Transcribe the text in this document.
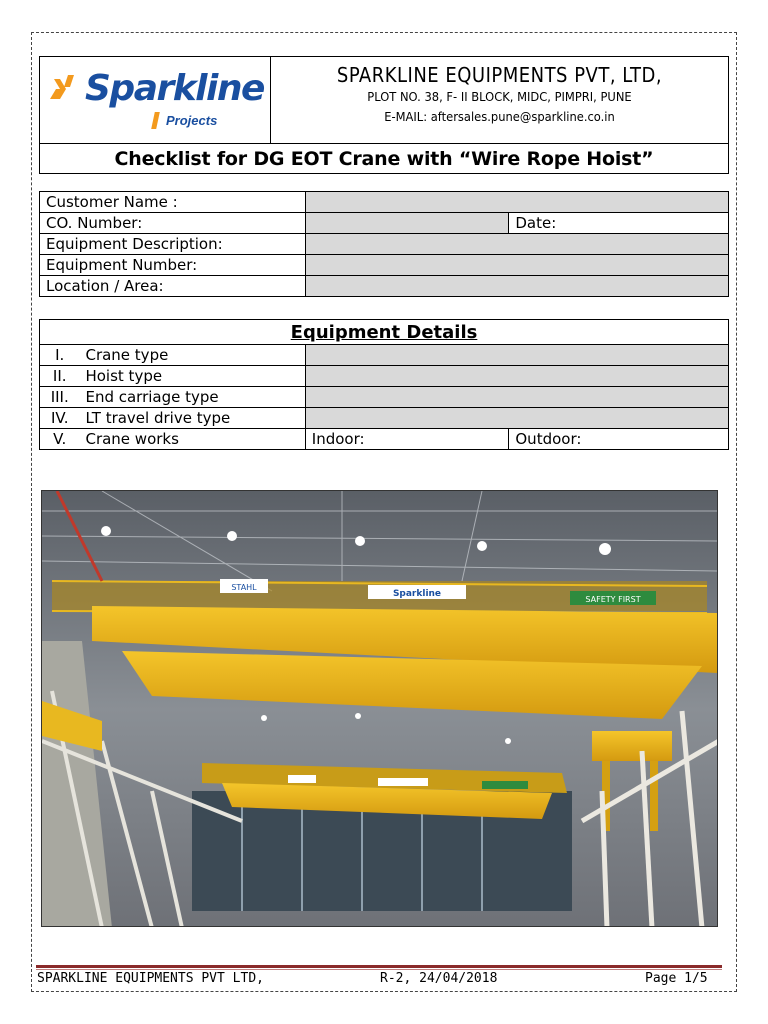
Sparkline
Projects
SPARKLINE EQUIPMENTS PVT, LTD,
PLOT NO. 38, F- II BLOCK, MIDC, PIMPRI, PUNE
E-MAIL: aftersales.pune@sparkline.co.in
Checklist for DG EOT Crane with “Wire Rope Hoist”
Customer Name :		
CO. Number:		Date:
Equipment Description:		
Equipment Number:		
Location / Area:		
Equipment Details			
I.	Crane type		
II.	Hoist type		
III.	End carriage type		
IV.	LT travel drive type		
V.	Crane works	Indoor:	Outdoor:
STAHL
Sparkline
SAFETY FIRST
SPARKLINE EQUIPMENTS PVT LTD,	R-2, 24/04/2018	Page 1/5
